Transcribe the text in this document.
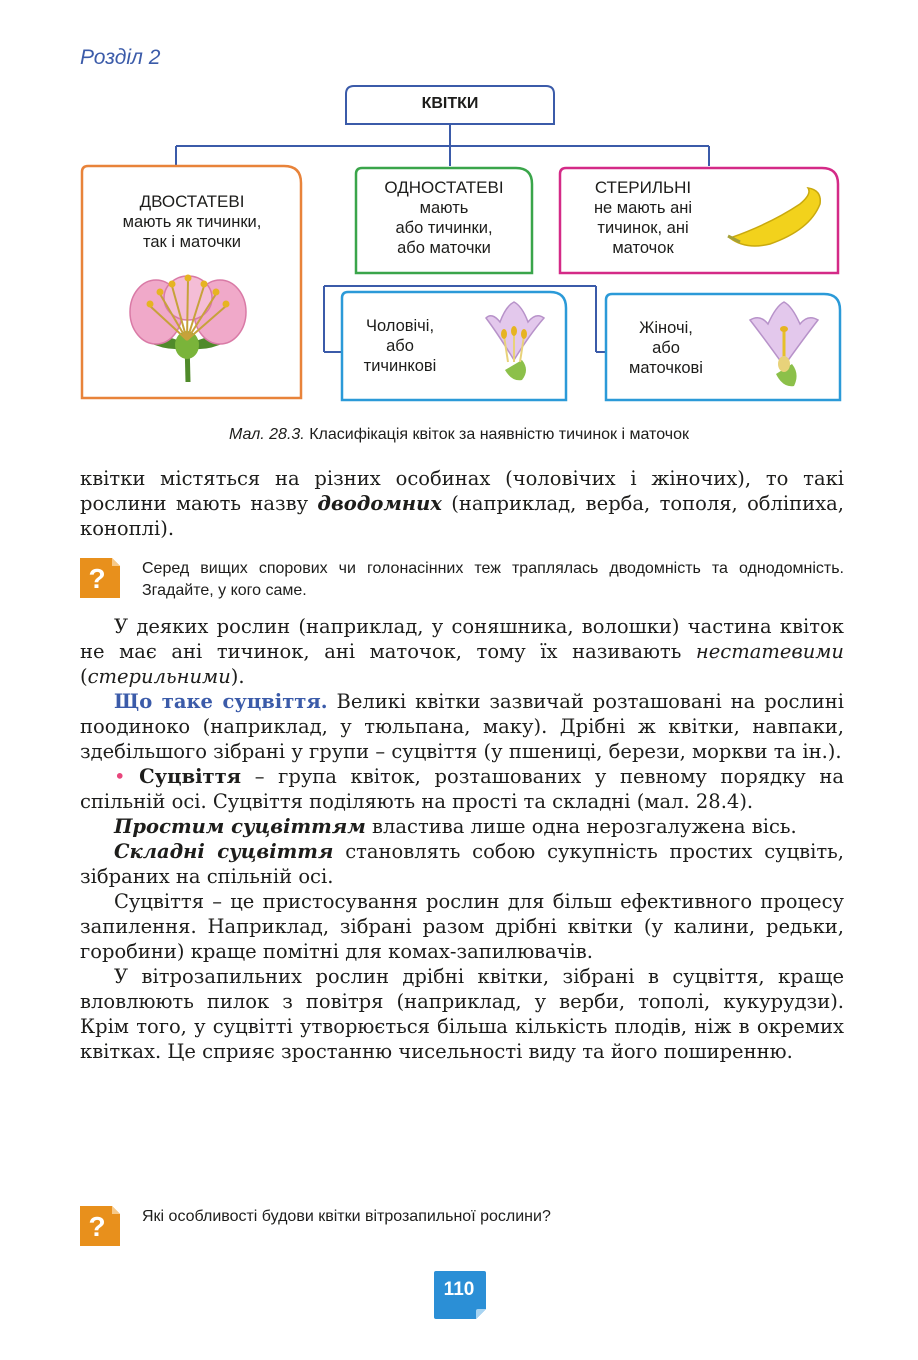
Розділ 2
КВІТКИ
ДВОСТАТЕВІ
мають як тичинки,
так і маточки
ОДНОСТАТЕВІ
мають
або тичинки,
або маточки
СТЕРИЛЬНІ
не мають ані
тичинок, ані
маточок
Чоловічі,
або
тичинкові
Жіночі,
або
маточкові
Мал. 28.3. Класифікація квіток за наявністю тичинок і маточок

квітки містяться на різних особинах (чоловічих і жіночих), то такі рослини мають назву дводомних (наприклад, верба, тополя, обліпиха, коноплі).

? Серед вищих спорових чи голонасінних теж траплялась дводомність та однодомність. Згадайте, у кого саме.

У деяких рослин (наприклад, у соняшника, волошки) частина квіток не має ані тичинок, ані маточок, тому їх називають нестатевими (стерильними).

Що таке суцвіття. Великі квітки зазвичай розташовані на рослині поодиноко (наприклад, у тюльпана, маку). Дрібні ж квітки, навпаки, здебільшого зібрані у групи – суцвіття (у пшениці, берези, моркви та ін.).

• Суцвіття – група квіток, розташованих у певному порядку на спільній осі. Суцвіття поділяють на прості та складні (мал. 28.4).

Простим суцвіттям властива лише одна нерозгалужена вісь.

Складні суцвіття становлять собою сукупність простих суцвіть, зібраних на спільній осі.

Суцвіття – це пристосування рослин для більш ефективного процесу запилення. Наприклад, зібрані разом дрібні квітки (у калини, редьки, горобини) краще помітні для комах-запилювачів.

У вітрозапильних рослин дрібні квітки, зібрані в суцвіття, краще вловлюють пилок з повітря (наприклад, у верби, тополі, кукурудзи). Крім того, у суцвітті утворюється більша кількість плодів, ніж в окремих квітках. Це сприяє зростанню чисельності виду та його поширенню.

? Які особливості будови квітки вітрозапильної рослини?
110
